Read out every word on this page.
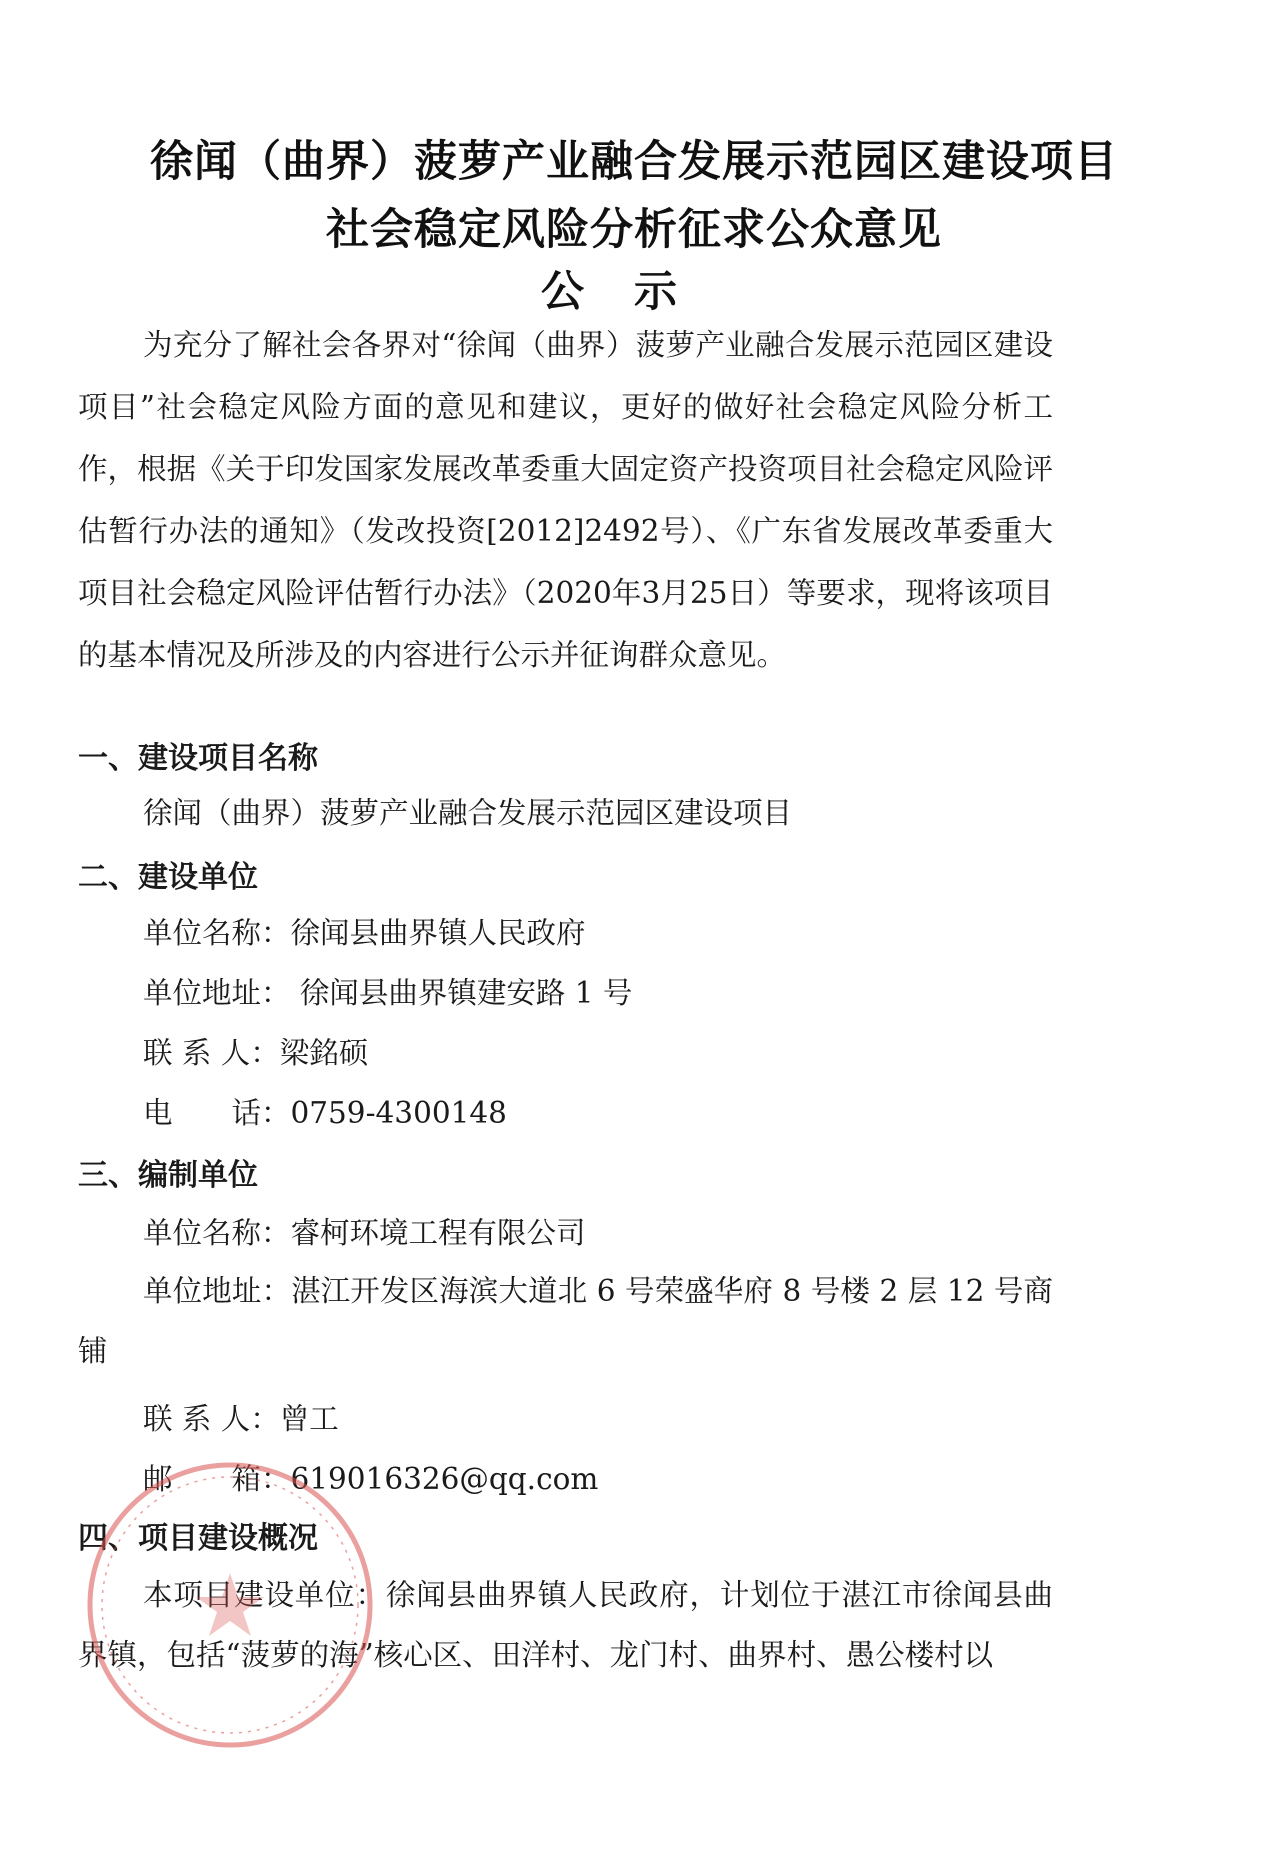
徐闻（曲界）菠萝产业融合发展示范园区建设项目
社会稳定风险分析征求公众意见
公示

为充分了解社会各界对“徐闻（曲界）菠萝产业融合发展示范园区建设项目”社会稳定风险方面的意见和建议，更好的做好社会稳定风险分析工作，根据《关于印发国家发展改革委重大固定资产投资项目社会稳定风险评估暂行办法的通知》（发改投资[2012]2492号）、《广东省发展改革委重大项目社会稳定风险评估暂行办法》（2020年3月25日）等要求，现将该项目的基本情况及所涉及的内容进行公示并征询群众意见。

一、建设项目名称
徐闻（曲界）菠萝产业融合发展示范园区建设项目
二、建设单位
单位名称：徐闻县曲界镇人民政府
单位地址： 徐闻县曲界镇建安路 1 号
联 系 人：梁銘硕
电　　话：0759-4300148
三、编制单位
单位名称：睿柯环境工程有限公司

单位地址：湛江开发区海滨大道北 6 号荣盛华府 8 号楼 2 层 12 号商铺

联 系 人：曾工
邮　　箱：619016326@qq.com
四、项目建设概况

本项目建设单位：徐闻县曲界镇人民政府，计划位于湛江市徐闻县曲界镇，包括“菠萝的海”核心区、田洋村、龙门村、曲界村、愚公楼村以
